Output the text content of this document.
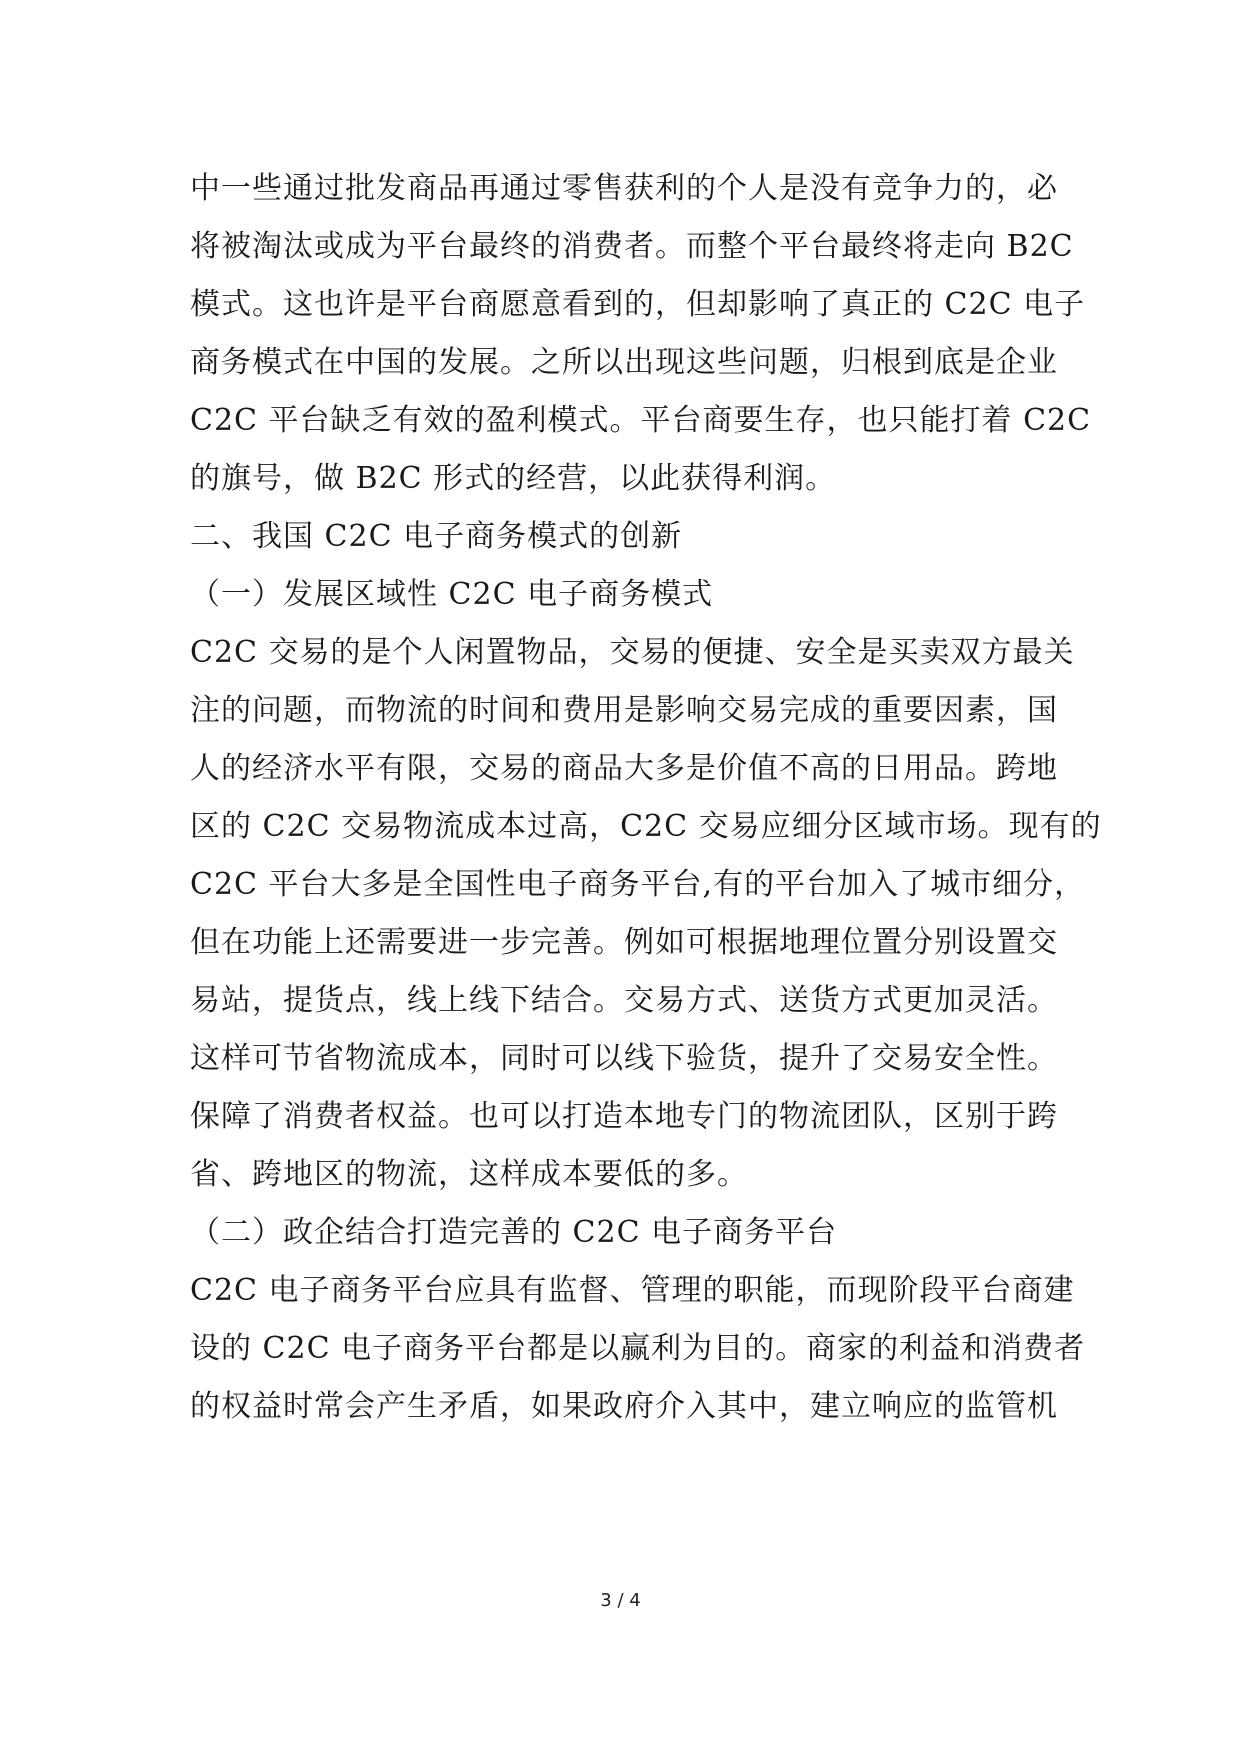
中一些通过批发商品再通过零售获利的个人是没有竞争力的，必
将被淘汰或成为平台最终的消费者。而整个平台最终将走向 B2C
模式。这也许是平台商愿意看到的，但却影响了真正的 C2C 电子
商务模式在中国的发展。之所以出现这些问题，归根到底是企业
C2C 平台缺乏有效的盈利模式。平台商要生存，也只能打着 C2C
的旗号，做 B2C 形式的经营，以此获得利润。
二、我国 C2C 电子商务模式的创新
（一）发展区域性 C2C 电子商务模式
C2C 交易的是个人闲置物品，交易的便捷、安全是买卖双方最关
注的问题，而物流的时间和费用是影响交易完成的重要因素，国
人的经济水平有限，交易的商品大多是价值不高的日用品。跨地
区的 C2C 交易物流成本过高，C2C 交易应细分区域市场。现有的
C2C 平台大多是全国性电子商务平台,有的平台加入了城市细分，
但在功能上还需要进一步完善。例如可根据地理位置分别设置交
易站，提货点，线上线下结合。交易方式、送货方式更加灵活。
这样可节省物流成本，同时可以线下验货，提升了交易安全性。
保障了消费者权益。也可以打造本地专门的物流团队，区别于跨
省、跨地区的物流，这样成本要低的多。
（二）政企结合打造完善的 C2C 电子商务平台
C2C 电子商务平台应具有监督、管理的职能，而现阶段平台商建
设的 C2C 电子商务平台都是以赢利为目的。商家的利益和消费者
的权益时常会产生矛盾，如果政府介入其中，建立响应的监管机
3 / 4
